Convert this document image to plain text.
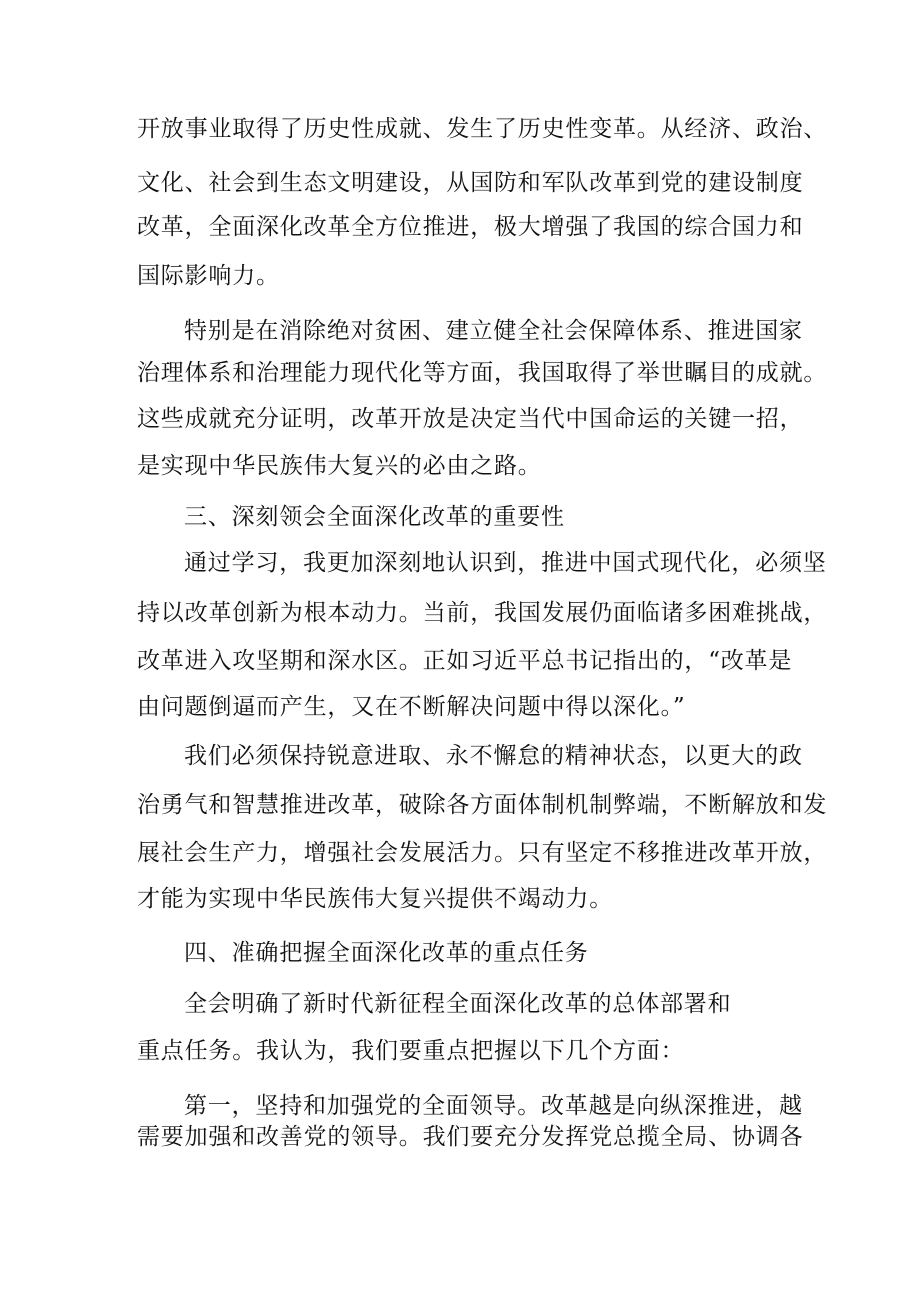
开放事业取得了历史性成就、发生了历史性变革。从经济、政治、
文化、社会到生态文明建设，从国防和军队改革到党的建设制度
改革，全面深化改革全方位推进，极大增强了我国的综合国力和
国际影响力。
特别是在消除绝对贫困、建立健全社会保障体系、推进国家
治理体系和治理能力现代化等方面，我国取得了举世瞩目的成就。
这些成就充分证明，改革开放是决定当代中国命运的关键一招，
是实现中华民族伟大复兴的必由之路。
三、深刻领会全面深化改革的重要性
通过学习，我更加深刻地认识到，推进中国式现代化，必须坚
持以改革创新为根本动力。当前，我国发展仍面临诸多困难挑战，
改革进入攻坚期和深水区。正如习近平总书记指出的，“改革是
由问题倒逼而产生，又在不断解决问题中得以深化。”
我们必须保持锐意进取、永不懈怠的精神状态，以更大的政
治勇气和智慧推进改革，破除各方面体制机制弊端，不断解放和发
展社会生产力，增强社会发展活力。只有坚定不移推进改革开放，
才能为实现中华民族伟大复兴提供不竭动力。
四、准确把握全面深化改革的重点任务
全会明确了新时代新征程全面深化改革的总体部署和
重点任务。我认为，我们要重点把握以下几个方面：
第一，坚持和加强党的全面领导。改革越是向纵深推进，越
需要加强和改善党的领导。我们要充分发挥党总揽全局、协调各
